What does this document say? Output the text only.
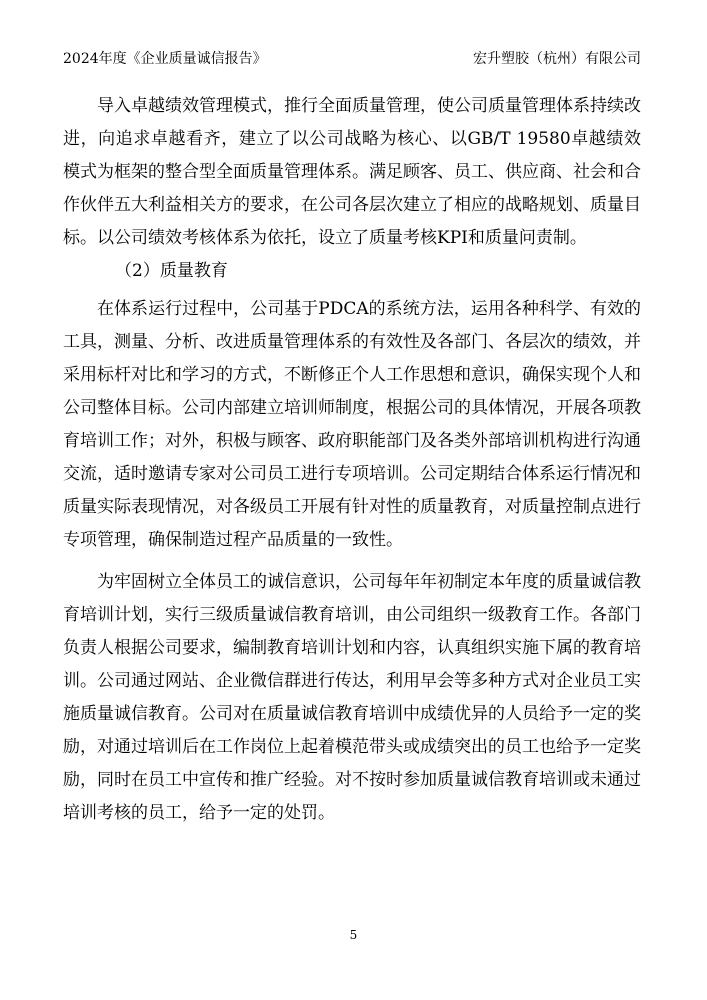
2024年度《企业质量诚信报告》	宏升塑胶（杭州）有限公司

导入卓越绩效管理模式，推行全面质量管理，使公司质量管理体系持续改进，向追求卓越看齐，建立了以公司战略为核心、以GB/T 19580卓越绩效模式为框架的整合型全面质量管理体系。满足顾客、员工、供应商、社会和合作伙伴五大利益相关方的要求，在公司各层次建立了相应的战略规划、质量目标。以公司绩效考核体系为依托，设立了质量考核KPI和质量问责制。

（2）质量教育

在体系运行过程中，公司基于PDCA的系统方法，运用各种科学、有效的工具，测量、分析、改进质量管理体系的有效性及各部门、各层次的绩效，并采用标杆对比和学习的方式，不断修正个人工作思想和意识，确保实现个人和公司整体目标。公司内部建立培训师制度，根据公司的具体情况，开展各项教育培训工作；对外，积极与顾客、政府职能部门及各类外部培训机构进行沟通交流，适时邀请专家对公司员工进行专项培训。公司定期结合体系运行情况和质量实际表现情况，对各级员工开展有针对性的质量教育，对质量控制点进行专项管理，确保制造过程产品质量的一致性。

为牢固树立全体员工的诚信意识，公司每年年初制定本年度的质量诚信教育培训计划，实行三级质量诚信教育培训，由公司组织一级教育工作。各部门负责人根据公司要求，编制教育培训计划和内容，认真组织实施下属的教育培训。公司通过网站、企业微信群进行传达，利用早会等多种方式对企业员工实施质量诚信教育。公司对在质量诚信教育培训中成绩优异的人员给予一定的奖励，对通过培训后在工作岗位上起着模范带头或成绩突出的员工也给予一定奖励，同时在员工中宣传和推广经验。对不按时参加质量诚信教育培训或未通过培训考核的员工，给予一定的处罚。

5
